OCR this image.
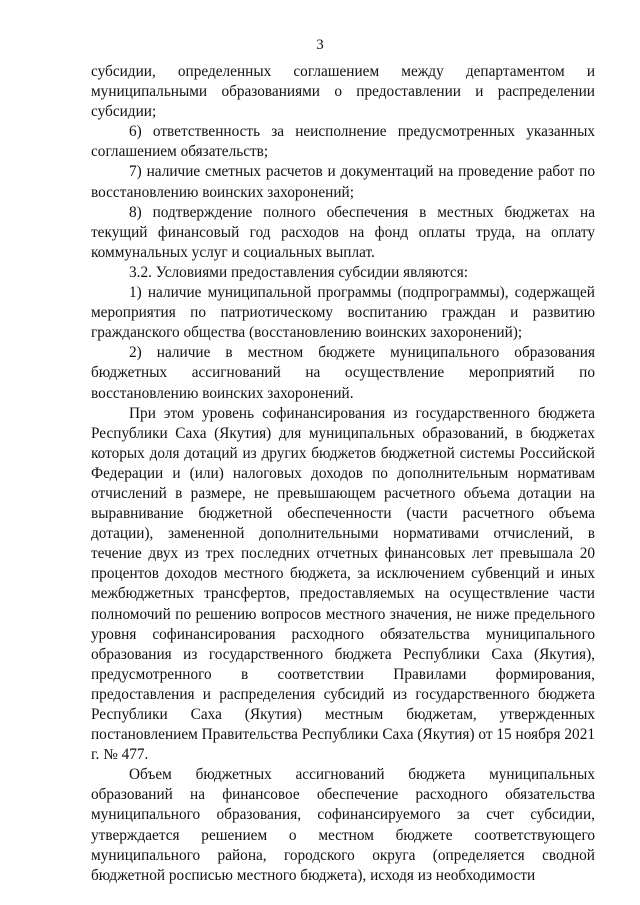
3

субсидии, определенных соглашением между департаментом и муниципальными образованиями о предоставлении и распределении субсидии;

6) ответственность за неисполнение предусмотренных указанных соглашением обязательств;

7) наличие сметных расчетов и документаций на проведение работ по восстановлению воинских захоронений;

8) подтверждение полного обеспечения в местных бюджетах на текущий финансовый год расходов на фонд оплаты труда, на оплату коммунальных услуг и социальных выплат.

3.2. Условиями предоставления субсидии являются:

1) наличие муниципальной программы (подпрограммы), содержащей мероприятия по патриотическому воспитанию граждан и развитию гражданского общества (восстановлению воинских захоронений);

2) наличие в местном бюджете муниципального образования бюджетных ассигнований на осуществление мероприятий по восстановлению воинских захоронений.

При этом уровень софинансирования из государственного бюджета Республики Саха (Якутия) для муниципальных образований, в бюджетах которых доля дотаций из других бюджетов бюджетной системы Российской Федерации и (или) налоговых доходов по дополнительным нормативам отчислений в размере, не превышающем расчетного объема дотации на выравнивание бюджетной обеспеченности (части расчетного объема дотации), замененной дополнительными нормативами отчислений, в течение двух из трех последних отчетных финансовых лет превышала 20 процентов доходов местного бюджета, за исключением субвенций и иных межбюджетных трансфертов, предоставляемых на осуществление части полномочий по решению вопросов местного значения, не ниже предельного уровня софинансирования расходного обязательства муниципального образования из государственного бюджета Республики Саха (Якутия), предусмотренного в соответствии Правилами формирования, предоставления и распределения субсидий из государственного бюджета Республики Саха (Якутия) местным бюджетам, утвержденных постановлением Правительства Республики Саха (Якутия) от 15 ноября 2021 г. № 477.

Объем бюджетных ассигнований бюджета муниципальных образований на финансовое обеспечение расходного обязательства муниципального образования, софинансируемого за счет субсидии, утверждается решением о местном бюджете соответствующего муниципального района, городского округа (определяется сводной бюджетной росписью местного бюджета), исходя из необходимости
